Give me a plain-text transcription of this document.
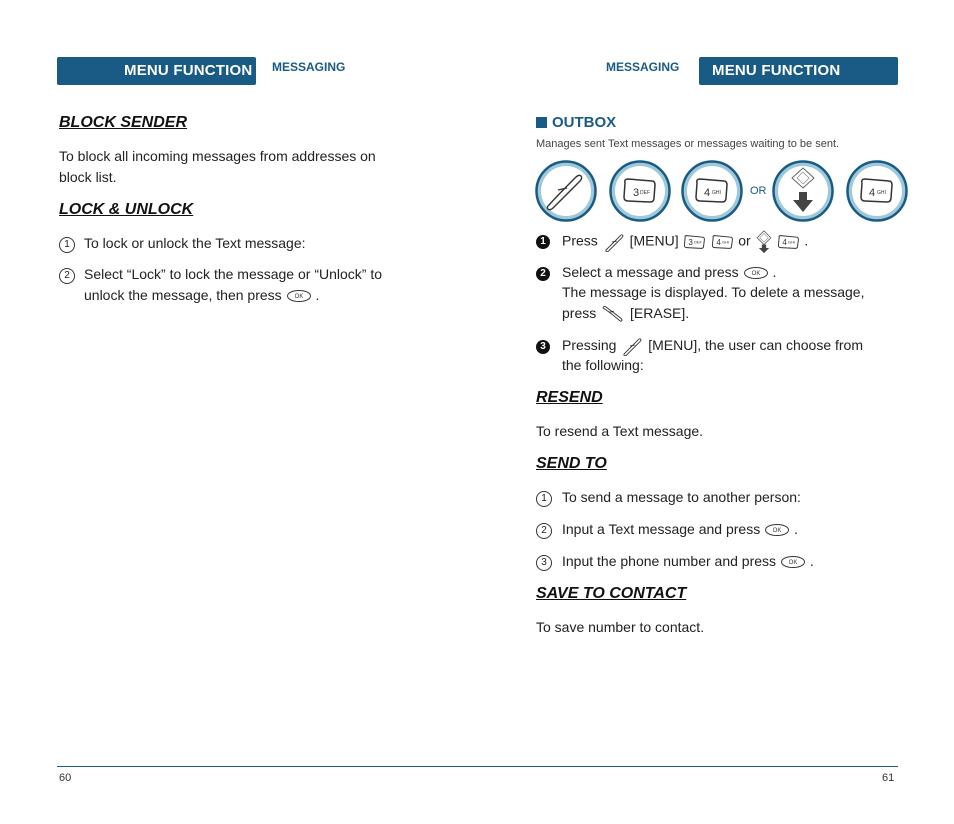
MENU FUNCTION MESSAGING
BLOCK SENDER
To block all incoming messages from addresses on
block list.
LOCK & UNLOCK
1 To lock or unlock the Text message:
2 Select “Lock” to lock the message or “Unlock” to
unlock the message, then press .
60
MESSAGING MENU FUNCTION
OUTBOX
Manages sent Text messages or messages waiting to be sent.
3 DEF	4 GHI	4 GHI
OR
1 Press [MENU] 3 DEF
4 GHI or
	4 GHI .
2 Select a message and press .
The message is displayed. To delete a message,
press [ERASE].
3 Pressing [MENU], the user can choose from
the following:
RESEND
To resend a Text message.
SEND TO
1 To send a message to another person:
2 Input a Text message and press .
3 Input the phone number and press .
SAVE TO CONTACT
To save number to contact.
61
